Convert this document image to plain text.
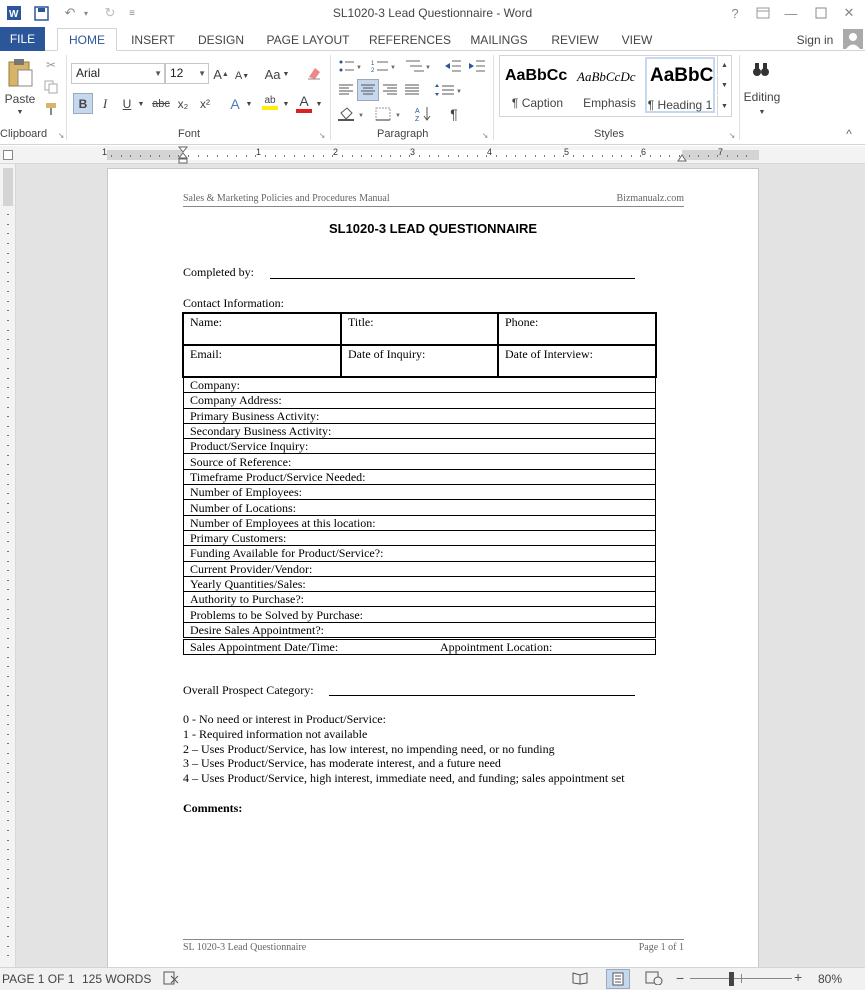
W	↶	▾	↻	≡	SL1020-3 Lead Questionnaire - Word	?	—	✕
FILE	HOME	INSERT	DESIGN	PAGE LAYOUT	REFERENCES	MAILINGS	REVIEW	VIEW	Sign in
Paste
▼
✂
Clipboard ↘
Arial	▼ 12 ▼ A ▲ A ▼ Aa ▼
B	I	U ▼ abc x₂ x²	A ▼ ab ▼ A ▼
Font	↘
▼
1
2	▼	▼
▼
▼	▼
A
Z	¶
Paragraph	↘
AaBbCc
¶ Caption
AaBbCcDc
Emphasis
AaBbC
¶ Heading 1
▲
▼
▼
Styles	↘
Editing
▼
^
1	1	2	3	4	5	6	7
Sales & Marketing Policies and Procedures Manual	Bizmanualz.com
SL1020-3 LEAD QUESTIONNAIRE
Completed by:
Contact Information:
Name:	Title:	Phone:
Email:	Date of Inquiry:	Date of Interview:
Company:
Company Address:
Primary Business Activity:
Secondary Business Activity:
Product/Service Inquiry:
Source of Reference:
Timeframe Product/Service Needed:
Number of Employees:
Number of Locations:
Number of Employees at this location:
Primary Customers:
Funding Available for Product/Service?:
Current Provider/Vendor:
Yearly Quantities/Sales:
Authority to Purchase?:
Problems to be Solved by Purchase:
Desire Sales Appointment?:
Sales Appointment Date/Time:	Appointment Location:
Overall Prospect Category:
0 - No need or interest in Product/Service:
1 - Required information not available
2 – Uses Product/Service, has low interest, no impending need, or no funding
3 – Uses Product/Service, has moderate interest, and a future need
4 – Uses Product/Service, high interest, immediate need, and funding; sales appointment set
Comments:
SL 1020-3 Lead Questionnaire	Page 1 of 1
PAGE 1 OF 1 125 WORDS	−	+ 80%
